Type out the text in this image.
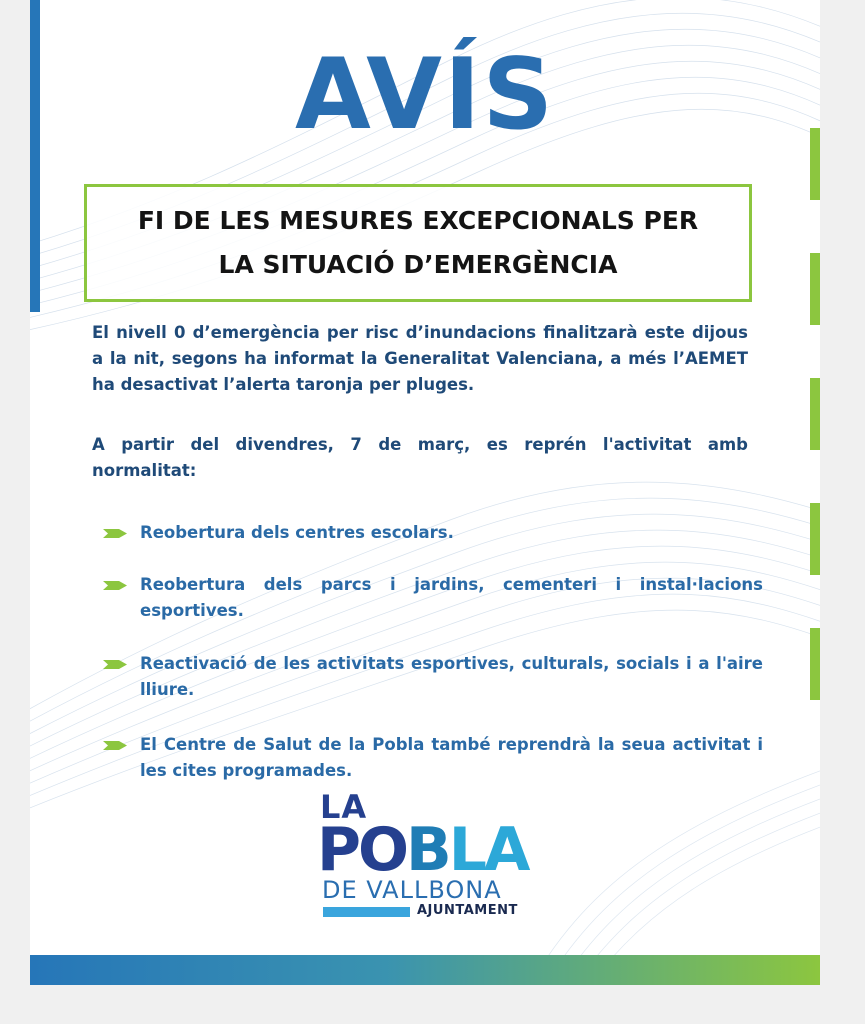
AVÍS
FI DE LES MESURES EXCEPCIONALS PER
LA SITUACIÓ D’EMERGÈNCIA

El nivell 0 d’emergència per risc d’inundacions finalitzarà este dijous a la nit, segons ha informat la Generalitat Valenciana, a més l’AEMET ha desactivat l’alerta taronja per pluges.

A partir del divendres, 7 de març, es reprén l'activitat amb normalitat:

Reobertura dels centres escolars.
Reobertura dels parcs i jardins, cementeri i instal·lacions esportives.
Reactivació de les activitats esportives, culturals, socials i a l'aire lliure.
El Centre de Salut de la Pobla també reprendrà la seua activitat i les cites programades.
LA
POBLA
DE VALLBONA
AJUNTAMENT
